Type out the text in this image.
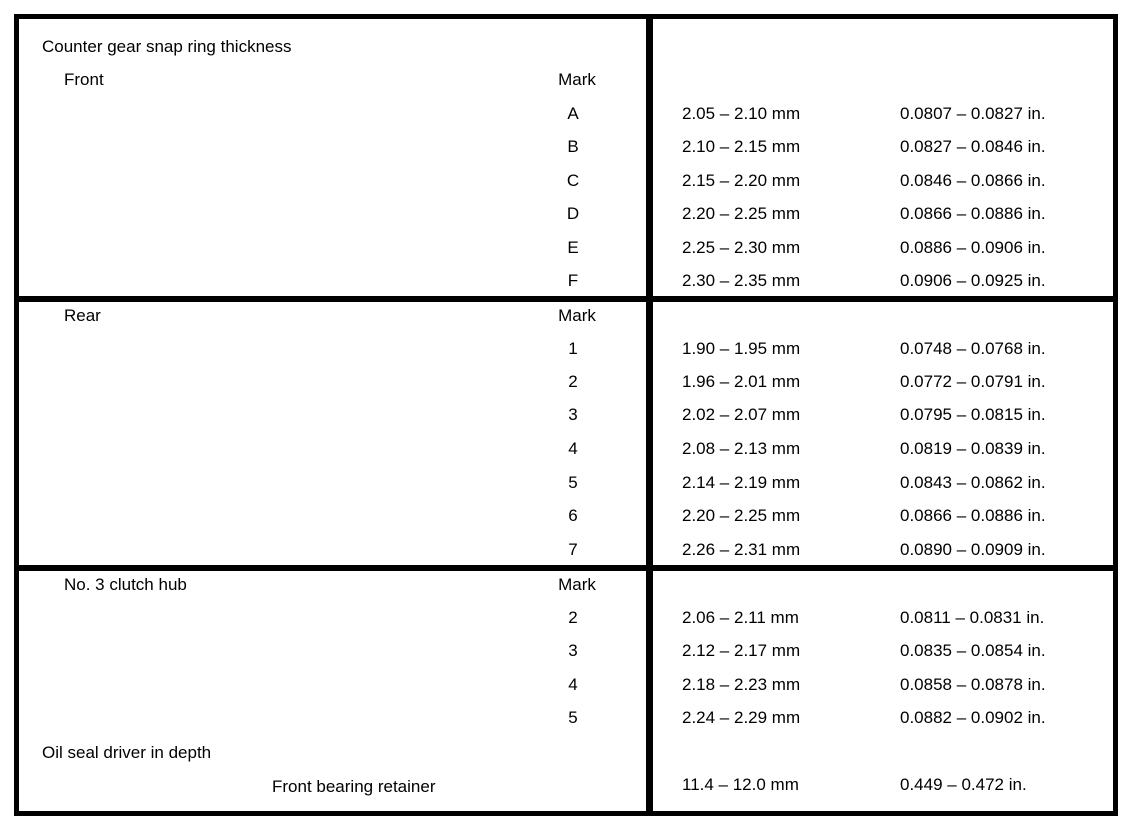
Counter gear snap ring thickness
Front	Mark
A	2.05 – 2.10 mm	0.0807 – 0.0827 in.
B	2.10 – 2.15 mm	0.0827 – 0.0846 in.
C	2.15 – 2.20 mm	0.0846 – 0.0866 in.
D	2.20 – 2.25 mm	0.0866 – 0.0886 in.
E	2.25 – 2.30 mm	0.0886 – 0.0906 in.
F	2.30 – 2.35 mm	0.0906 – 0.0925 in.
Rear	Mark
1	1.90 – 1.95 mm	0.0748 – 0.0768 in.
2	1.96 – 2.01 mm	0.0772 – 0.0791 in.
3	2.02 – 2.07 mm	0.0795 – 0.0815 in.
4	2.08 – 2.13 mm	0.0819 – 0.0839 in.
5	2.14 – 2.19 mm	0.0843 – 0.0862 in.
6	2.20 – 2.25 mm	0.0866 – 0.0886 in.
7	2.26 – 2.31 mm	0.0890 – 0.0909 in.
No. 3 clutch hub	Mark
2	2.06 – 2.11 mm	0.0811 – 0.0831 in.
3	2.12 – 2.17 mm	0.0835 – 0.0854 in.
4	2.18 – 2.23 mm	0.0858 – 0.0878 in.
5	2.24 – 2.29 mm	0.0882 – 0.0902 in.
Oil seal driver in depth
Front bearing retainer	11.4 – 12.0 mm	0.449 – 0.472 in.
